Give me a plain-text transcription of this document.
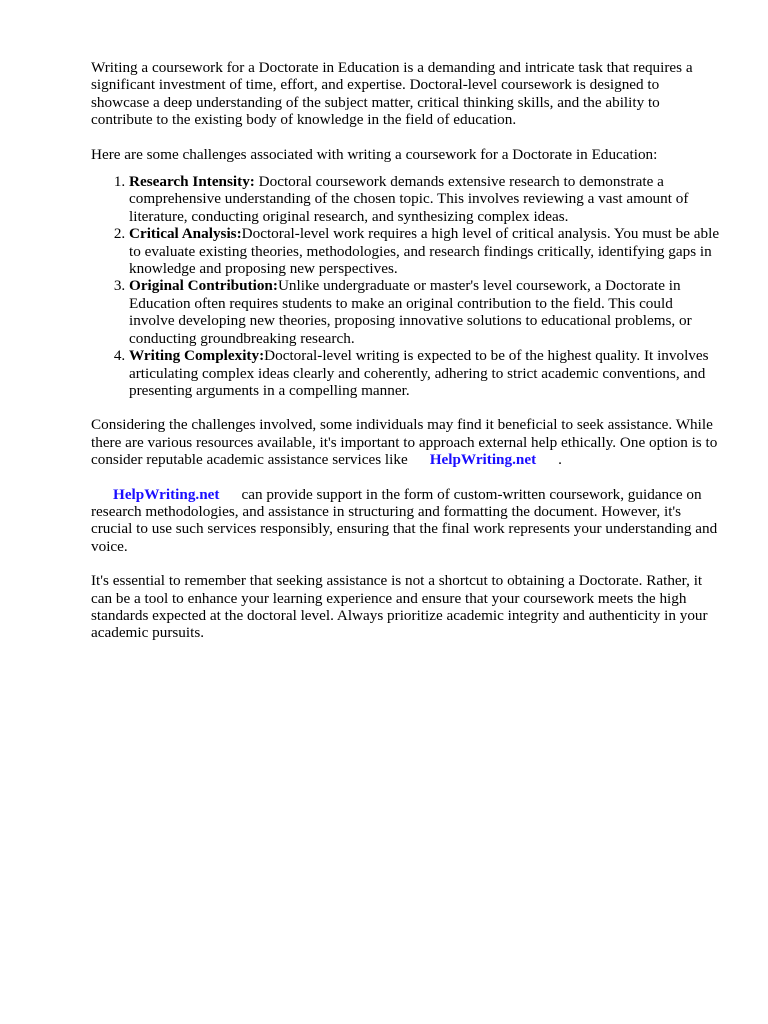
Writing a coursework for a Doctorate in Education is a demanding and intricate task that requires a significant investment of time, effort, and expertise. Doctoral-level coursework is designed to showcase a deep understanding of the subject matter, critical thinking skills, and the ability to contribute to the existing body of knowledge in the field of education.

Here are some challenges associated with writing a coursework for a Doctorate in Education:

1. Research Intensity: Doctoral coursework demands extensive research to demonstrate a comprehensive understanding of the chosen topic. This involves reviewing a vast amount of literature, conducting original research, and synthesizing complex ideas.
2. Critical Analysis:Doctoral-level work requires a high level of critical analysis. You must be able to evaluate existing theories, methodologies, and research findings critically, identifying gaps in knowledge and proposing new perspectives.
3. Original Contribution:Unlike undergraduate or master's level coursework, a Doctorate in Education often requires students to make an original contribution to the field. This could involve developing new theories, proposing innovative solutions to educational problems, or conducting groundbreaking research.
4. Writing Complexity:Doctoral-level writing is expected to be of the highest quality. It involves articulating complex ideas clearly and coherently, adhering to strict academic conventions, and presenting arguments in a compelling manner.

Considering the challenges involved, some individuals may find it beneficial to seek assistance. While there are various resources available, it's important to approach external help ethically. One option is to consider reputable academic assistance services like HelpWriting.net .

HelpWriting.net can provide support in the form of custom-written coursework, guidance on research methodologies, and assistance in structuring and formatting the document. However, it's crucial to use such services responsibly, ensuring that the final work represents your understanding and voice.

It's essential to remember that seeking assistance is not a shortcut to obtaining a Doctorate. Rather, it can be a tool to enhance your learning experience and ensure that your coursework meets the high standards expected at the doctoral level. Always prioritize academic integrity and authenticity in your academic pursuits.
